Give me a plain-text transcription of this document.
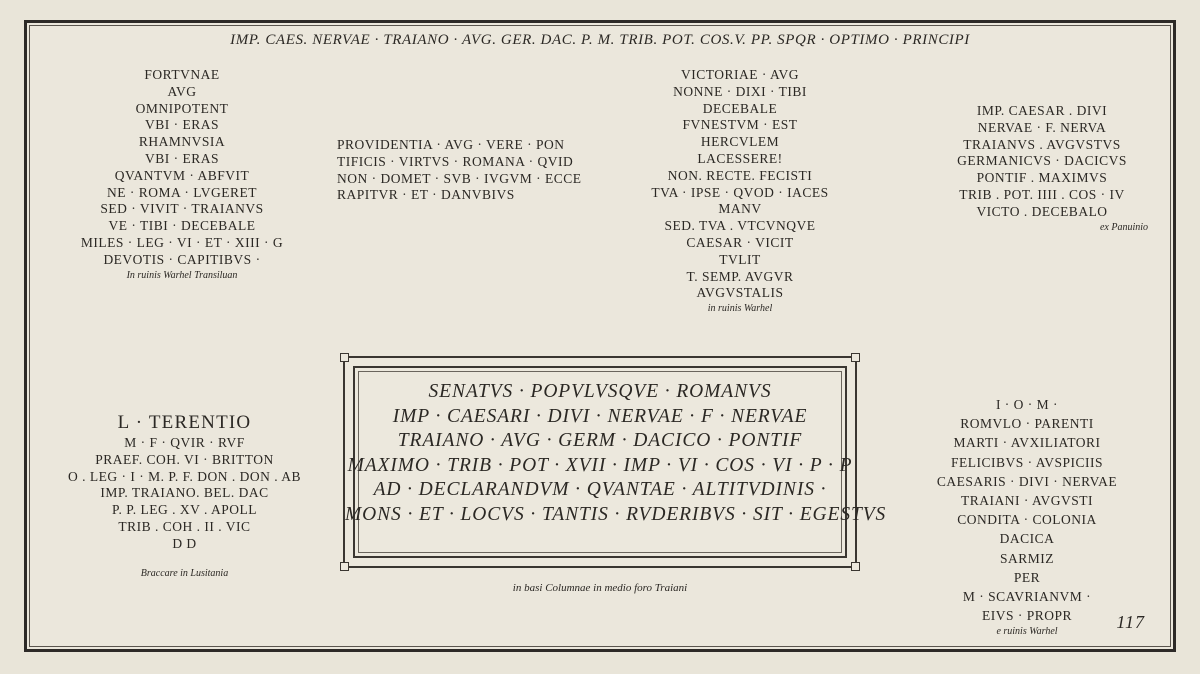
IMP. CAES. NERVAE · TRAIANO · AVG. GER. DAC. P. M. TRIB. POT. COS.V. PP. SPQR · OPTIMO · PRINCIPI
FORTVNAE
AVG
OMNIPOTENT
VBI · ERAS
RHAMNVSIA
VBI · ERAS
QVANTVM · ABFVIT
NE · ROMA · LVGERET
SED · VIVIT · TRAIANVS
VE · TIBI · DECEBALE
MILES · LEG · VI · ET · XIII · G
DEVOTIS · CAPITIBVS ·
In ruinis Warhel Transiluan
PROVIDENTIA · AVG · VERE · PON
TIFICIS · VIRTVS · ROMANA · QVID
NON · DOMET · SVB · IVGVM · ECCE
RAPITVR · ET · DANVBIVS
VICTORIAE · AVG
NONNE · DIXI · TIBI
DECEBALE
FVNESTVM · EST
HERCVLEM
LACESSERE!
NON. RECTE. FECISTI
TVA · IPSE · QVOD · IACES
MANV
SED. TVA . VTCVNQVE
CAESAR · VICIT
TVLIT
T. SEMP. AVGVR
AVGVSTALIS
in ruinis Warhel
IMP. CAESAR . DIVI
NERVAE · F. NERVA
TRAIANVS . AVGVSTVS
GERMANICVS · DACICVS
PONTIF . MAXIMVS
TRIB . POT. IIII . COS · IV
VICTO . DECEBALO
ex Panuinio
L · TERENTIO
M · F · QVIR · RVF
PRAEF. COH. VI · BRITTON
O . LEG · I · M. P. F. DON . DON . AB
IMP. TRAIANO. BEL. DAC
P. P. LEG . XV . APOLL
TRIB . COH . II . VIC
D D
Braccare in Lusitania
SENATVS · POPVLVSQVE · ROMANVS
IMP · CAESARI · DIVI · NERVAE · F · NERVAE
TRAIANO · AVG · GERM · DACICO · PONTIF
MAXIMO · TRIB · POT · XVII · IMP · VI · COS · VI · P · P
AD · DECLARANDVM · QVANTAE · ALTITVDINIS ·
MONS · ET · LOCVS · TANTIS · RVDERIBVS · SIT · EGESTVS
in basi Columnae in medio foro Traiani
I · O · M ·
ROMVLO · PARENTI
MARTI · AVXILIATORI
FELICIBVS · AVSPICIIS
CAESARIS · DIVI · NERVAE
TRAIANI · AVGVSTI
CONDITA · COLONIA
DACICA
SARMIZ
PER
M · SCAVRIANVM ·
EIVS · PROPR
e ruinis Warhel	117
